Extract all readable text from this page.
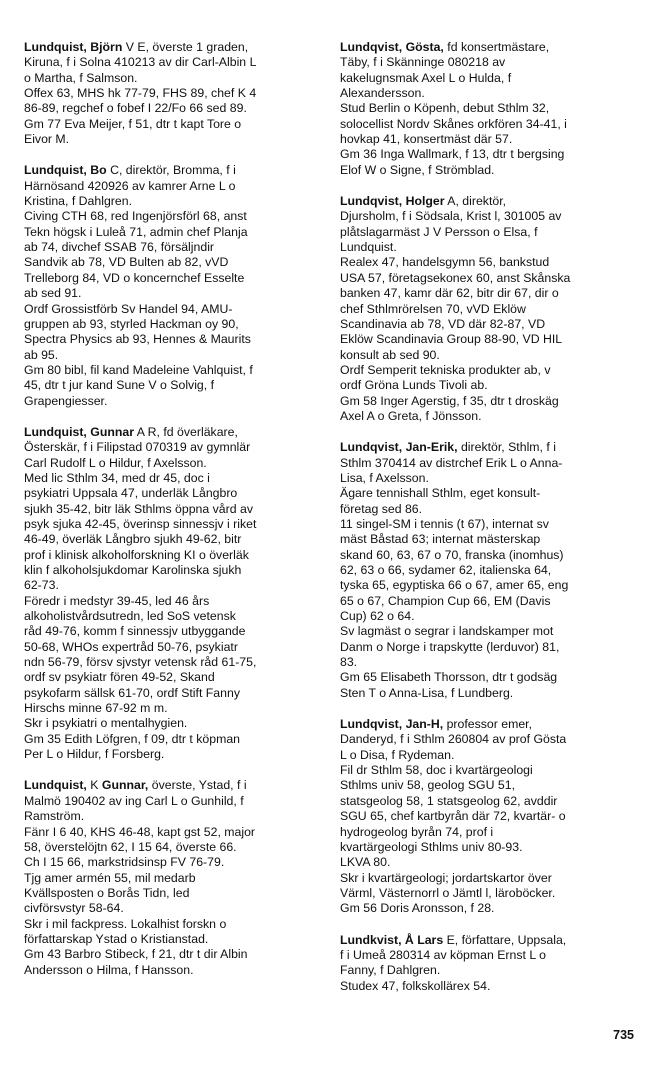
Lundquist, Björn V E, överste 1 graden,

Kiruna, f i Solna 410213 av dir Carl-Albin L

o Martha, f Salmson.

Offex 63, MHS hk 77-79, FHS 89, chef K 4

86-89, regchef o fobef I 22/Fo 66 sed 89.

Gm 77 Eva Meijer, f 51, dtr t kapt Tore o

Eivor M.

Lundquist, Bo C, direktör, Bromma, f i

Härnösand 420926 av kamrer Arne L o

Kristina, f Dahlgren.

Civing CTH 68, red Ingenjörsförl 68, anst

Tekn högsk i Luleå 71, admin chef Planja

ab 74, divchef SSAB 76, försäljndir

Sandvik ab 78, VD Bulten ab 82, vVD

Trelleborg 84, VD o koncernchef Esselte

ab sed 91.

Ordf Grossistförb Sv Handel 94, AMU-

gruppen ab 93, styrled Hackman oy 90,

Spectra Physics ab 93, Hennes & Maurits

ab 95.

Gm 80 bibl, fil kand Madeleine Vahlquist, f

45, dtr t jur kand Sune V o Solvig, f

Grapengiesser.

Lundquist, Gunnar A R, fd överläkare,

Österskär, f i Filipstad 070319 av gymnlär

Carl Rudolf L o Hildur, f Axelsson.

Med lic Sthlm 34, med dr 45, doc i

psykiatri Uppsala 47, underläk Långbro

sjukh 35-42, bitr läk Sthlms öppna vård av

psyk sjuka 42-45, överinsp sinnessjv i riket

46-49, överläk Långbro sjukh 49-62, bitr

prof i klinisk alkoholforskning KI o överläk

klin f alkoholsjukdomar Karolinska sjukh

62-73.

Föredr i medstyr 39-45, led 46 års

alkoholistvårdsutredn, led SoS vetensk

råd 49-76, komm f sinnessjv utbyggande

50-68, WHOs expertråd 50-76, psykiatr

ndn 56-79, försv sjvstyr vetensk råd 61-75,

ordf sv psykiatr fören 49-52, Skand

psykofarm sällsk 61-70, ordf Stift Fanny

Hirschs minne 67-92 m m.

Skr i psykiatri o mentalhygien.

Gm 35 Edith Löfgren, f 09, dtr t köpman

Per L o Hildur, f Forsberg.

Lundquist, K Gunnar, överste, Ystad, f i

Malmö 190402 av ing Carl L o Gunhild, f

Ramström.

Fänr I 6 40, KHS 46-48, kapt gst 52, major

58, överstelöjtn 62, I 15 64, överste 66.

Ch I 15 66, markstridsinsp FV 76-79.

Tjg amer armén 55, mil medarb

Kvällsposten o Borås Tidn, led

civförsvstyr 58-64.

Skr i mil fackpress. Lokalhist forskn o

författarskap Ystad o Kristianstad.

Gm 43 Barbro Stibeck, f 21, dtr t dir Albin

Andersson o Hilma, f Hansson.

Lundqvist, Gösta, fd konsertmästare,

Täby, f i Skänninge 080218 av

kakelugnsmak Axel L o Hulda, f

Alexandersson.

Stud Berlin o Köpenh, debut Sthlm 32,

solocellist Nordv Skånes orkfören 34-41, i

hovkap 41, konsertmäst där 57.

Gm 36 Inga Wallmark, f 13, dtr t bergsing

Elof W o Signe, f Strömblad.

Lundqvist, Holger A, direktör,

Djursholm, f i Södsala, Krist l, 301005 av

plåtslagarmäst J V Persson o Elsa, f

Lundquist.

Realex 47, handelsgymn 56, bankstud

USA 57, företagsekonex 60, anst Skånska

banken 47, kamr där 62, bitr dir 67, dir o

chef Sthlmrörelsen 70, vVD Eklöw

Scandinavia ab 78, VD där 82-87, VD

Eklöw Scandinavia Group 88-90, VD HIL

konsult ab sed 90.

Ordf Semperit tekniska produkter ab, v

ordf Gröna Lunds Tivoli ab.

Gm 58 Inger Agerstig, f 35, dtr t droskäg

Axel A o Greta, f Jönsson.

Lundqvist, Jan-Erik, direktör, Sthlm, f i

Sthlm 370414 av distrchef Erik L o Anna-

Lisa, f Axelsson.

Ägare tennishall Sthlm, eget konsult-

företag sed 86.

11 singel-SM i tennis (t 67), internat sv

mäst Båstad 63; internat mästerskap

skand 60, 63, 67 o 70, franska (inomhus)

62, 63 o 66, sydamer 62, italienska 64,

tyska 65, egyptiska 66 o 67, amer 65, eng

65 o 67, Champion Cup 66, EM (Davis

Cup) 62 o 64.

Sv lagmäst o segrar i landskamper mot

Danm o Norge i trapskytte (lerduvor) 81,

83.

Gm 65 Elisabeth Thorsson, dtr t godsäg

Sten T o Anna-Lisa, f Lundberg.

Lundqvist, Jan-H, professor emer,

Danderyd, f i Sthlm 260804 av prof Gösta

L o Disa, f Rydeman.

Fil dr Sthlm 58, doc i kvartärgeologi

Sthlms univ 58, geolog SGU 51,

statsgeolog 58, 1 statsgeolog 62, avddir

SGU 65, chef kartbyrån där 72, kvartär- o

hydrogeolog byrån 74, prof i

kvartärgeologi Sthlms univ 80-93.

LKVA 80.

Skr i kvartärgeologi; jordartskartor över

Värml, Västernorrl o Jämtl l, läroböcker.

Gm 56 Doris Aronsson, f 28.

Lundkvist, Å Lars E, författare, Uppsala,

f i Umeå 280314 av köpman Ernst L o

Fanny, f Dahlgren.

Studex 47, folkskollärex 54.

735
